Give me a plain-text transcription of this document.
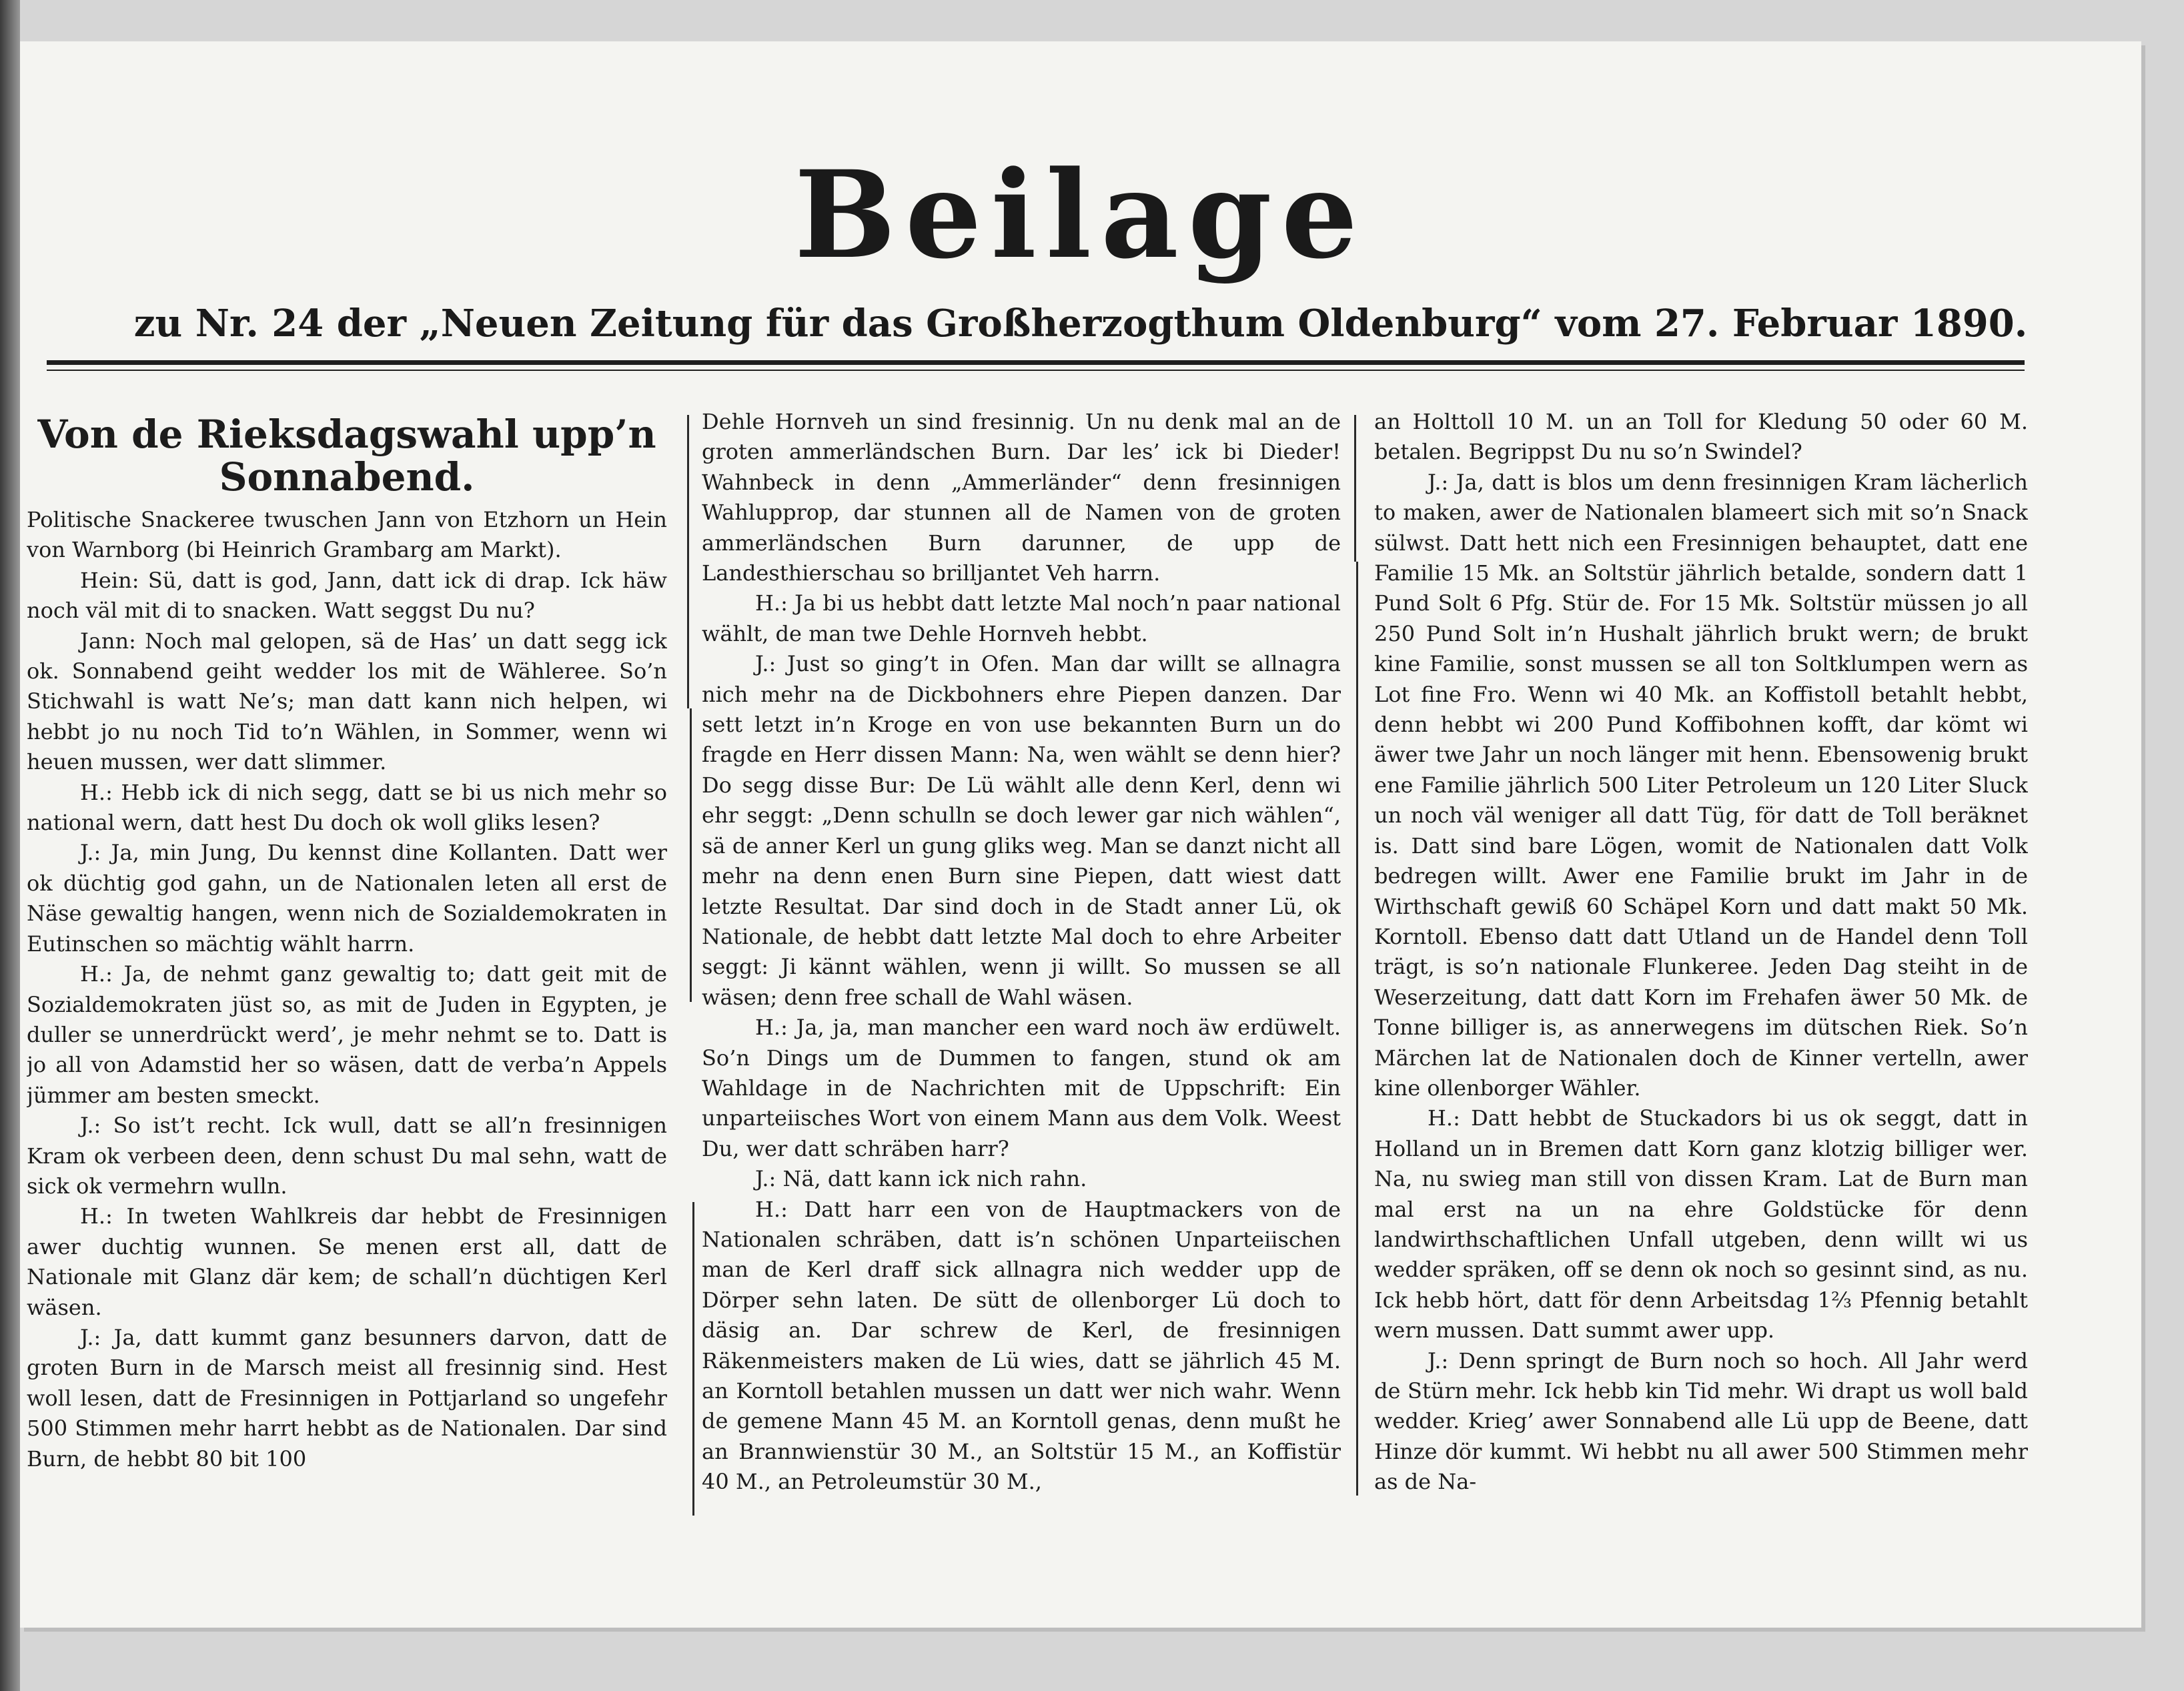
Beilage
zu Nr. 24 der „Neuen Zeitung für das Großherzogthum Oldenburg“ vom 27. Februar 1890.
Von de Rieksdagswahl upp’n Sonnabend.

Politische Snackeree twuschen Jann von Etzhorn un Hein von Warnborg (bi Heinrich Grambarg am Markt).

Hein: Sü, datt is god, Jann, datt ick di drap. Ick häw noch väl mit di to snacken. Watt seggst Du nu?

Jann: Noch mal gelopen, sä de Has’ un datt segg ick ok. Sonnabend geiht wedder los mit de Wähleree. So’n Stichwahl is watt Ne’s; man datt kann nich helpen, wi hebbt jo nu noch Tid to’n Wählen, in Sommer, wenn wi heuen mussen, wer datt slimmer.

H.: Hebb ick di nich segg, datt se bi us nich mehr so national wern, datt hest Du doch ok woll gliks lesen?

J.: Ja, min Jung, Du kennst dine Kollanten. Datt wer ok düchtig god gahn, un de Nationalen leten all erst de Näse gewaltig hangen, wenn nich de Sozialdemokraten in Eutinschen so mächtig wählt harrn.

H.: Ja, de nehmt ganz gewaltig to; datt geit mit de Sozialdemokraten jüst so, as mit de Juden in Egypten, je duller se unnerdrückt werd’, je mehr nehmt se to. Datt is jo all von Adamstid her so wäsen, datt de verba’n Appels jümmer am besten smeckt.

J.: So ist’t recht. Ick wull, datt se all’n fresinnigen Kram ok verbeen deen, denn schust Du mal sehn, watt de sick ok vermehrn wulln.

H.: In tweten Wahlkreis dar hebbt de Fresinnigen awer duchtig wunnen. Se menen erst all, datt de Nationale mit Glanz där kem; de schall’n düchtigen Kerl wäsen.

J.: Ja, datt kummt ganz besunners darvon, datt de groten Burn in de Marsch meist all fresinnig sind. Hest woll lesen, datt de Fresinnigen in Pottjarland so ungefehr 500 Stimmen mehr harrt hebbt as de Nationalen. Dar sind Burn, de hebbt 80 bit 100

Dehle Hornveh un sind fresinnig. Un nu denk mal an de groten ammerländschen Burn. Dar les’ ick bi Dieder! Wahnbeck in denn „Ammerländer“ denn fresinnigen Wahlupprop, dar stunnen all de Namen von de groten ammerländschen Burn darunner, de upp de Landesthierschau so brilljantet Veh harrn.

H.: Ja bi us hebbt datt letzte Mal noch’n paar national wählt, de man twe Dehle Hornveh hebbt.

J.: Just so ging’t in Ofen. Man dar willt se allnagra nich mehr na de Dickbohners ehre Piepen danzen. Dar sett letzt in’n Kroge en von use bekannten Burn un do fragde en Herr dissen Mann: Na, wen wählt se denn hier? Do segg disse Bur: De Lü wählt alle denn Kerl, denn wi ehr seggt: „Denn schulln se doch lewer gar nich wählen“, sä de anner Kerl un gung gliks weg. Man se danzt nicht all mehr na denn enen Burn sine Piepen, datt wiest datt letzte Resultat. Dar sind doch in de Stadt anner Lü, ok Nationale, de hebbt datt letzte Mal doch to ehre Arbeiter seggt: Ji kännt wählen, wenn ji willt. So mussen se all wäsen; denn free schall de Wahl wäsen.

H.: Ja, ja, man mancher een ward noch äw erdüwelt. So’n Dings um de Dummen to fangen, stund ok am Wahldage in de Nachrichten mit de Uppschrift: Ein unparteiisches Wort von einem Mann aus dem Volk. Weest Du, wer datt schräben harr?

J.: Nä, datt kann ick nich rahn.

H.: Datt harr een von de Hauptmackers von de Nationalen schräben, datt is’n schönen Unparteiischen man de Kerl draff sick allnagra nich wedder upp de Dörper sehn laten. De sütt de ollenborger Lü doch to däsig an. Dar schrew de Kerl, de fresinnigen Räkenmeisters maken de Lü wies, datt se jährlich 45 M. an Korntoll betahlen mussen un datt wer nich wahr. Wenn de gemene Mann 45 M. an Korntoll genas, denn mußt he an Brannwienstür 30 M., an Soltstür 15 M., an Koffistür 40 M., an Petroleumstür 30 M.,

an Holttoll 10 M. un an Toll for Kledung 50 oder 60 M. betalen. Begrippst Du nu so’n Swindel?

J.: Ja, datt is blos um denn fresinnigen Kram lächerlich to maken, awer de Nationalen blameert sich mit so’n Snack sülwst. Datt hett nich een Fresinnigen behauptet, datt ene Familie 15 Mk. an Soltstür jährlich betalde, sondern datt 1 Pund Solt 6 Pfg. Stür de. For 15 Mk. Soltstür müssen jo all 250 Pund Solt in’n Hushalt jährlich brukt wern; de brukt kine Familie, sonst mussen se all ton Soltklumpen wern as Lot fine Fro. Wenn wi 40 Mk. an Koffistoll betahlt hebbt, denn hebbt wi 200 Pund Koffibohnen kofft, dar kömt wi äwer twe Jahr un noch länger mit henn. Ebensowenig brukt ene Familie jährlich 500 Liter Petroleum un 120 Liter Sluck un noch väl weniger all datt Tüg, för datt de Toll beräknet is. Datt sind bare Lögen, womit de Nationalen datt Volk bedregen willt. Awer ene Familie brukt im Jahr in de Wirthschaft gewiß 60 Schäpel Korn und datt makt 50 Mk. Korntoll. Ebenso datt datt Utland un de Handel denn Toll trägt, is so’n nationale Flunkeree. Jeden Dag steiht in de Weserzeitung, datt datt Korn im Frehafen äwer 50 Mk. de Tonne billiger is, as annerwegens im dütschen Riek. So’n Märchen lat de Nationalen doch de Kinner vertelln, awer kine ollenborger Wähler.

H.: Datt hebbt de Stuckadors bi us ok seggt, datt in Holland un in Bremen datt Korn ganz klotzig billiger wer. Na, nu swieg man still von dissen Kram. Lat de Burn man mal erst na un na ehre Goldstücke för denn landwirthschaftlichen Unfall utgeben, denn willt wi us wedder spräken, off se denn ok noch so gesinnt sind, as nu. Ick hebb hört, datt för denn Arbeitsdag 1⅔ Pfennig betahlt wern mussen. Datt summt awer upp.

J.: Denn springt de Burn noch so hoch. All Jahr werd de Stürn mehr. Ick hebb kin Tid mehr. Wi drapt us woll bald wedder. Krieg’ awer Sonnabend alle Lü upp de Beene, datt Hinze dör kummt. Wi hebbt nu all awer 500 Stimmen mehr as de Na-
